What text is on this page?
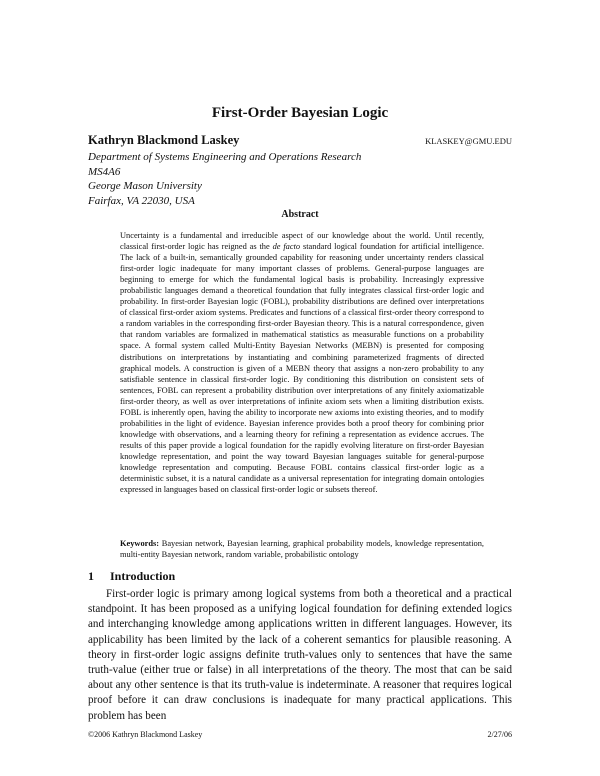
First-Order Bayesian Logic
Kathryn Blackmond Laskey	KLASKEY@GMU.EDU
Department of Systems Engineering and Operations Research
MS4A6
George Mason University
Fairfax, VA 22030, USA
Abstract
Uncertainty is a fundamental and irreducible aspect of our knowledge about the world. Until recently, classical first-order logic has reigned as the de facto standard logical foundation for artificial intelligence. The lack of a built-in, semantically grounded capability for reasoning under uncertainty renders classical first-order logic inadequate for many important classes of problems. General-purpose languages are beginning to emerge for which the fundamental logical basis is probability. Increasingly expressive probabilistic languages demand a theoretical foundation that fully integrates classical first-order logic and probability. In first-order Bayesian logic (FOBL), probability distributions are defined over interpretations of classical first-order axiom systems. Predicates and functions of a classical first-order theory correspond to a random variables in the corresponding first-order Bayesian theory. This is a natural correspondence, given that random variables are formalized in mathematical statistics as measurable functions on a probability space. A formal system called Multi-Entity Bayesian Networks (MEBN) is presented for composing distributions on interpretations by instantiating and combining parameterized fragments of directed graphical models. A construction is given of a MEBN theory that assigns a non-zero probability to any satisfiable sentence in classical first-order logic. By conditioning this distribution on consistent sets of sentences, FOBL can represent a probability distribution over interpretations of any finitely axiomatizable first-order theory, as well as over interpretations of infinite axiom sets when a limiting distribution exists. FOBL is inherently open, having the ability to incorporate new axioms into existing theories, and to modify probabilities in the light of evidence. Bayesian inference provides both a proof theory for combining prior knowledge with observations, and a learning theory for refining a representation as evidence accrues. The results of this paper provide a logical foundation for the rapidly evolving literature on first-order Bayesian knowledge representation, and point the way toward Bayesian languages suitable for general-purpose knowledge representation and computing. Because FOBL contains classical first-order logic as a deterministic subset, it is a natural candidate as a universal representation for integrating domain ontologies expressed in languages based on classical first-order logic or subsets thereof.
Keywords: Bayesian network, Bayesian learning, graphical probability models, knowledge representation, multi-entity Bayesian network, random variable, probabilistic ontology
1 Introduction
First-order logic is primary among logical systems from both a theoretical and a practical standpoint. It has been proposed as a unifying logical foundation for defining extended logics and interchanging knowledge among applications written in different languages. However, its applicability has been limited by the lack of a coherent semantics for plausible reasoning. A theory in first-order logic assigns definite truth-values only to sentences that have the same truth-value (either true or false) in all interpretations of the theory. The most that can be said about any other sentence is that its truth-value is indeterminate. A reasoner that requires logical proof before it can draw conclusions is inadequate for many practical applications. This problem has been
©2006 Kathryn Blackmond Laskey	2/27/06
